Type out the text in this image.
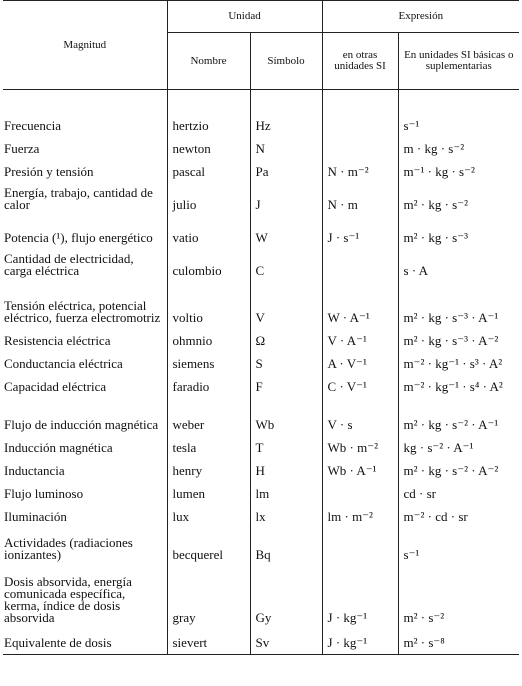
Magnitud	Unidad		Expresión	
	Nombre	Símbolo	en otras unidades SI	En unidades SI básicas o suplementarias
Frecuencia	hertzio	Hz		s⁻¹
Fuerza	newton	N		m · kg · s⁻²
Presión y tensión	pascal	Pa	N · m⁻²	m⁻¹ · kg · s⁻²
Energía, trabajo, cantidad de calor	julio	J	N · m	m² · kg · s⁻²
Potencia (¹), flujo energético	vatio	W	J · s⁻¹	m² · kg · s⁻³
Cantidad de electricidad, carga eléctrica	culombio	C		s · A
Tensión eléctrica, potencial eléctrico, fuerza electromotriz	voltio	V	W · A⁻¹	m² · kg · s⁻³ · A⁻¹
Resistencia eléctrica	ohmnio	Ω	V · A⁻¹	m² · kg · s⁻³ · A⁻²
Conductancia eléctrica	siemens	S	A · V⁻¹	m⁻² · kg⁻¹ · s³ · A²
Capacidad eléctrica	faradio	F	C · V⁻¹	m⁻² · kg⁻¹ · s⁴ · A²
Flujo de inducción magnética	weber	Wb	V · s	m² · kg · s⁻² · A⁻¹
Inducción magnética	tesla	T	Wb · m⁻²	kg · s⁻² · A⁻¹
Inductancia	henry	H	Wb · A⁻¹	m² · kg · s⁻² · A⁻²
Flujo luminoso	lumen	lm		cd · sr
Iluminación	lux	lx	lm · m⁻²	m⁻² · cd · sr
Actividades (radiaciones ionizantes)	becquerel	Bq		s⁻¹
Dosis absorvida, energía comunicada específica, kerma, índice de dosis absorvida	gray	Gy	J · kg⁻¹	m² · s⁻²
Equivalente de dosis	sievert	Sv	J · kg⁻¹	m² · s⁻⁸
